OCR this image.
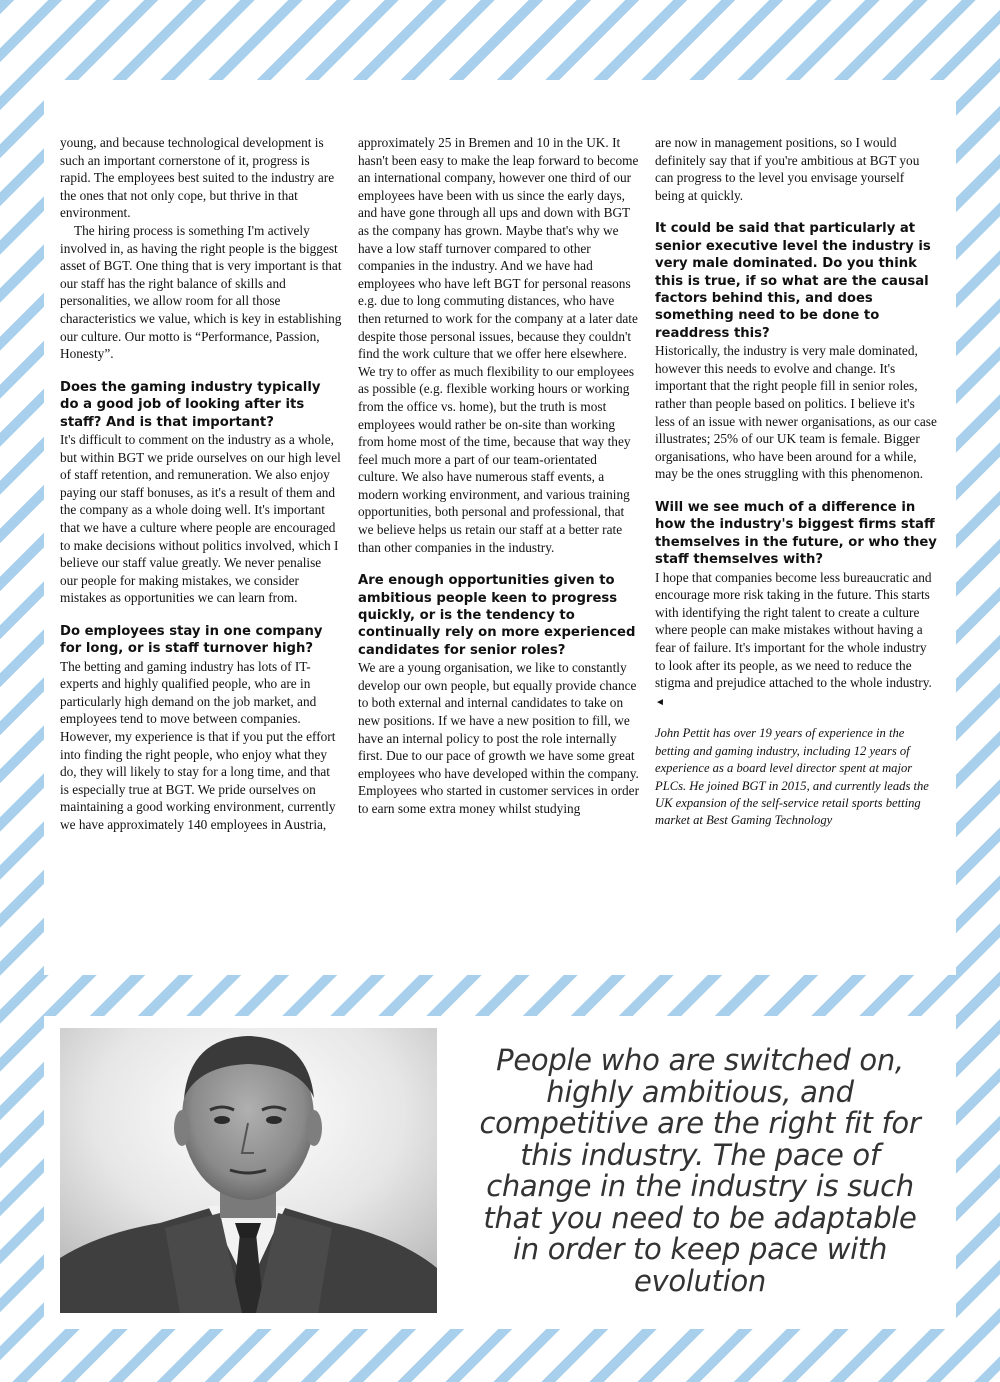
young, and because technological development is such an important cornerstone of it, progress is rapid. The employees best suited to the industry are the ones that not only cope, but thrive in that environment.

The hiring process is something I'm actively involved in, as having the right people is the biggest asset of BGT. One thing that is very important is that our staff has the right balance of skills and personalities, we allow room for all those characteristics we value, which is key in establishing our culture. Our motto is “Performance, Passion, Honesty”.

Does the gaming industry typically do a good job of looking after its staff? And is that important?

It's difficult to comment on the industry as a whole, but within BGT we pride ourselves on our high level of staff retention, and remuneration. We also enjoy paying our staff bonuses, as it's a result of them and the company as a whole doing well. It's important that we have a culture where people are encouraged to make decisions without politics involved, which I believe our staff value greatly. We never penalise our people for making mistakes, we consider mistakes as opportunities we can learn from.

Do employees stay in one company for long, or is staff turnover high?

The betting and gaming industry has lots of IT-experts and highly qualified people, who are in particularly high demand on the job market, and employees tend to move between companies. However, my experience is that if you put the effort into finding the right people, who enjoy what they do, they will likely to stay for a long time, and that is especially true at BGT. We pride ourselves on maintaining a good working environment, currently we have approximately 140 employees in Austria,

approximately 25 in Bremen and 10 in the UK. It hasn't been easy to make the leap forward to become an international company, however one third of our employees have been with us since the early days, and have gone through all ups and down with BGT as the company has grown. Maybe that's why we have a low staff turnover compared to other companies in the industry. And we have had employees who have left BGT for personal reasons e.g. due to long commuting distances, who have then returned to work for the company at a later date despite those personal issues, because they couldn't find the work culture that we offer here elsewhere. We try to offer as much flexibility to our employees as possible (e.g. flexible working hours or working from the office vs. home), but the truth is most employees would rather be on-site than working from home most of the time, because that way they feel much more a part of our team-orientated culture. We also have numerous staff events, a modern working environment, and various training opportunities, both personal and professional, that we believe helps us retain our staff at a better rate than other companies in the industry.

Are enough opportunities given to ambitious people keen to progress quickly, or is the tendency to continually rely on more experienced candidates for senior roles?

We are a young organisation, we like to constantly develop our own people, but equally provide chance to both external and internal candidates to take on new positions. If we have a new position to fill, we have an internal policy to post the role internally first. Due to our pace of growth we have some great employees who have developed within the company. Employees who started in customer services in order to earn some extra money whilst studying

are now in management positions, so I would definitely say that if you're ambitious at BGT you can progress to the level you envisage yourself being at quickly.

It could be said that particularly at senior executive level the industry is very male dominated. Do you think this is true, if so what are the causal factors behind this, and does something need to be done to readdress this?

Historically, the industry is very male dominated, however this needs to evolve and change. It's important that the right people fill in senior roles, rather than people based on politics. I believe it's less of an issue with newer organisations, as our case illustrates; 25% of our UK team is female. Bigger organisations, who have been around for a while, may be the ones struggling with this phenomenon.

Will we see much of a difference in how the industry's biggest firms staff themselves in the future, or who they staff themselves with?

I hope that companies become less bureaucratic and encourage more risk taking in the future. This starts with identifying the right talent to create a culture where people can make mistakes without having a fear of failure. It's important for the whole industry to look after its people, as we need to reduce the stigma and prejudice attached to the whole industry. ◄

John Pettit has over 19 years of experience in the betting and gaming industry, including 12 years of experience as a board level director spent at major PLCs. He joined BGT in 2015, and currently leads the UK expansion of the self-service retail sports betting market at Best Gaming Technology

People who are switched on, highly ambitious, and competitive are the right fit for this industry. The pace of change in the industry is such that you need to be adaptable in order to keep pace with evolution
